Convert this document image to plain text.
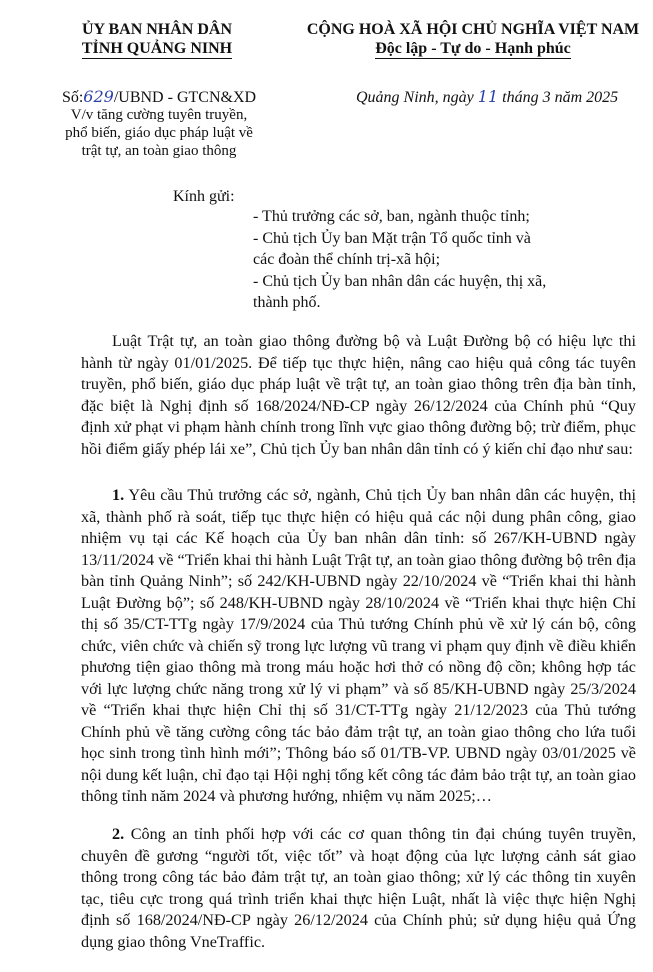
ỦY BAN NHÂN DÂN
TỈNH QUẢNG NINH
CỘNG HOÀ XÃ HỘI CHỦ NGHĨA VIỆT NAM
Độc lập - Tự do - Hạnh phúc
Số:629/UBND - GTCN&XD
V/v tăng cường tuyên truyền,
phổ biến, giáo dục pháp luật về
trật tự, an toàn giao thông
Quảng Ninh, ngày 11 tháng 3 năm 2025
Kính gửi:
- Thủ trưởng các sở, ban, ngành thuộc tỉnh;
- Chủ tịch Ủy ban Mặt trận Tổ quốc tỉnh và
các đoàn thể chính trị-xã hội;
- Chủ tịch Ủy ban nhân dân các huyện, thị xã,
thành phố.

Luật Trật tự, an toàn giao thông đường bộ và Luật Đường bộ có hiệu lực thi hành từ ngày 01/01/2025. Để tiếp tục thực hiện, nâng cao hiệu quả công tác tuyên truyền, phổ biến, giáo dục pháp luật về trật tự, an toàn giao thông trên địa bàn tỉnh, đặc biệt là Nghị định số 168/2024/NĐ-CP ngày 26/12/2024 của Chính phủ “Quy định xử phạt vi phạm hành chính trong lĩnh vực giao thông đường bộ; trừ điểm, phục hồi điểm giấy phép lái xe”, Chủ tịch Ủy ban nhân dân tỉnh có ý kiến chỉ đạo như sau:

1. Yêu cầu Thủ trưởng các sở, ngành, Chủ tịch Ủy ban nhân dân các huyện, thị xã, thành phố rà soát, tiếp tục thực hiện có hiệu quả các nội dung phân công, giao nhiệm vụ tại các Kế hoạch của Ủy ban nhân dân tỉnh: số 267/KH-UBND ngày 13/11/2024 về “Triển khai thi hành Luật Trật tự, an toàn giao thông đường bộ trên địa bàn tỉnh Quảng Ninh”; số 242/KH-UBND ngày 22/10/2024 về “Triển khai thi hành Luật Đường bộ”; số 248/KH-UBND ngày 28/10/2024 về “Triển khai thực hiện Chỉ thị số 35/CT-TTg ngày 17/9/2024 của Thủ tướng Chính phủ về xử lý cán bộ, công chức, viên chức và chiến sỹ trong lực lượng vũ trang vi phạm quy định về điều khiển phương tiện giao thông mà trong máu hoặc hơi thở có nồng độ cồn; không hợp tác với lực lượng chức năng trong xử lý vi phạm” và số 85/KH-UBND ngày 25/3/2024 về “Triển khai thực hiện Chỉ thị số 31/CT-TTg ngày 21/12/2023 của Thủ tướng Chính phủ về tăng cường công tác bảo đảm trật tự, an toàn giao thông cho lứa tuổi học sinh trong tình hình mới”; Thông báo số 01/TB-VP. UBND ngày 03/01/2025 về nội dung kết luận, chỉ đạo tại Hội nghị tổng kết công tác đảm bảo trật tự, an toàn giao thông tỉnh năm 2024 và phương hướng, nhiệm vụ năm 2025;…

2. Công an tỉnh phối hợp với các cơ quan thông tin đại chúng tuyên truyền, chuyên đề gương “người tốt, việc tốt” và hoạt động của lực lượng cảnh sát giao thông trong công tác bảo đảm trật tự, an toàn giao thông; xử lý các thông tin xuyên tạc, tiêu cực trong quá trình triển khai thực hiện Luật, nhất là việc thực hiện Nghị định số 168/2024/NĐ-CP ngày 26/12/2024 của Chính phủ; sử dụng hiệu quả Ứng dụng giao thông VneTraffic.
